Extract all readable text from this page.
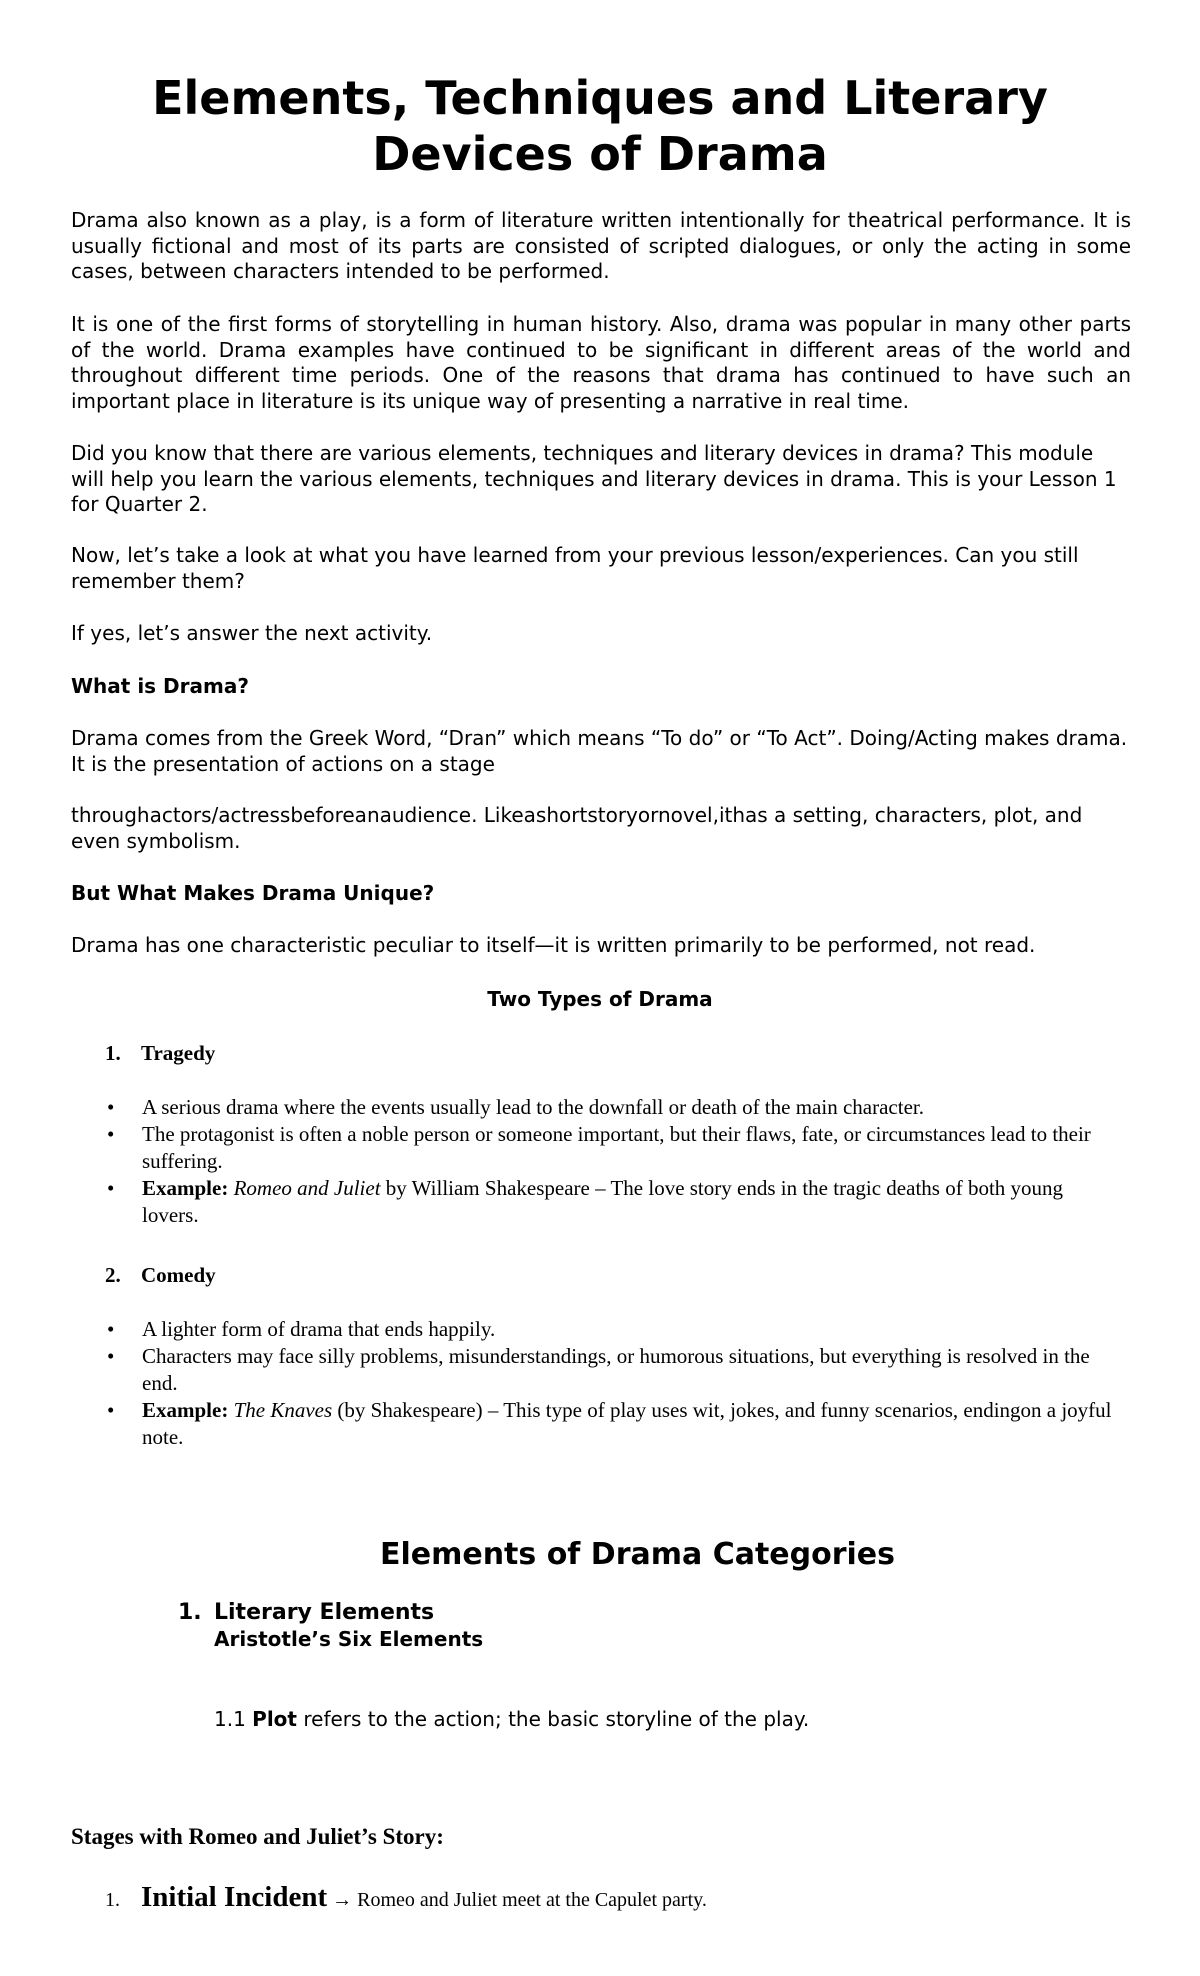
Elements, Techniques and Literary Devices of Drama

Drama also known as a play, is a form of literature written intentionally for theatrical performance. It is usually fictional and most of its parts are consisted of scripted dialogues, or only the acting in some cases, between characters intended to be performed.

It is one of the first forms of storytelling in human history. Also, drama was popular in many other parts of the world. Drama examples have continued to be significant in different areas of the world and throughout different time periods. One of the reasons that drama has continued to have such an important place in literature is its unique way of presenting a narrative in real time.

Did you know that there are various elements, techniques and literary devices in drama? This module will help you learn the various elements, techniques and literary devices in drama. This is your Lesson 1 for Quarter 2.

Now, let’s take a look at what you have learned from your previous lesson/experiences. Can you still remember them?

If yes, let’s answer the next activity.

What is Drama?

Drama comes from the Greek Word, “Dran” which means “To do” or “To Act”. Doing/Acting makes drama. It is the presentation of actions on a stage

throughactors/actressbeforeanaudience. Likeashortstoryornovel,ithas a setting, characters, plot, and even symbolism.

But What Makes Drama Unique?

Drama has one characteristic peculiar to itself—it is written primarily to be performed, not read.

Two Types of Drama

1. Tragedy

• A serious drama where the events usually lead to the downfall or death of the main character.
• The protagonist is often a noble person or someone important, but their flaws, fate, or circumstances lead to their suffering.
• Example: Romeo and Juliet by William Shakespeare – The love story ends in the tragic deaths of both young lovers.

2. Comedy

• A lighter form of drama that ends happily.
• Characters may face silly problems, misunderstandings, or humorous situations, but everything is resolved in the end.
• Example: The Knaves (by Shakespeare) – This type of play uses wit, jokes, and funny scenarios, endingon a joyful note.

Elements of Drama Categories

1. Literary Elements

Aristotle’s Six Elements

1.1 Plot refers to the action; the basic storyline of the play.

Stages with Romeo and Juliet’s Story:

1. Initial Incident → Romeo and Juliet meet at the Capulet party.
